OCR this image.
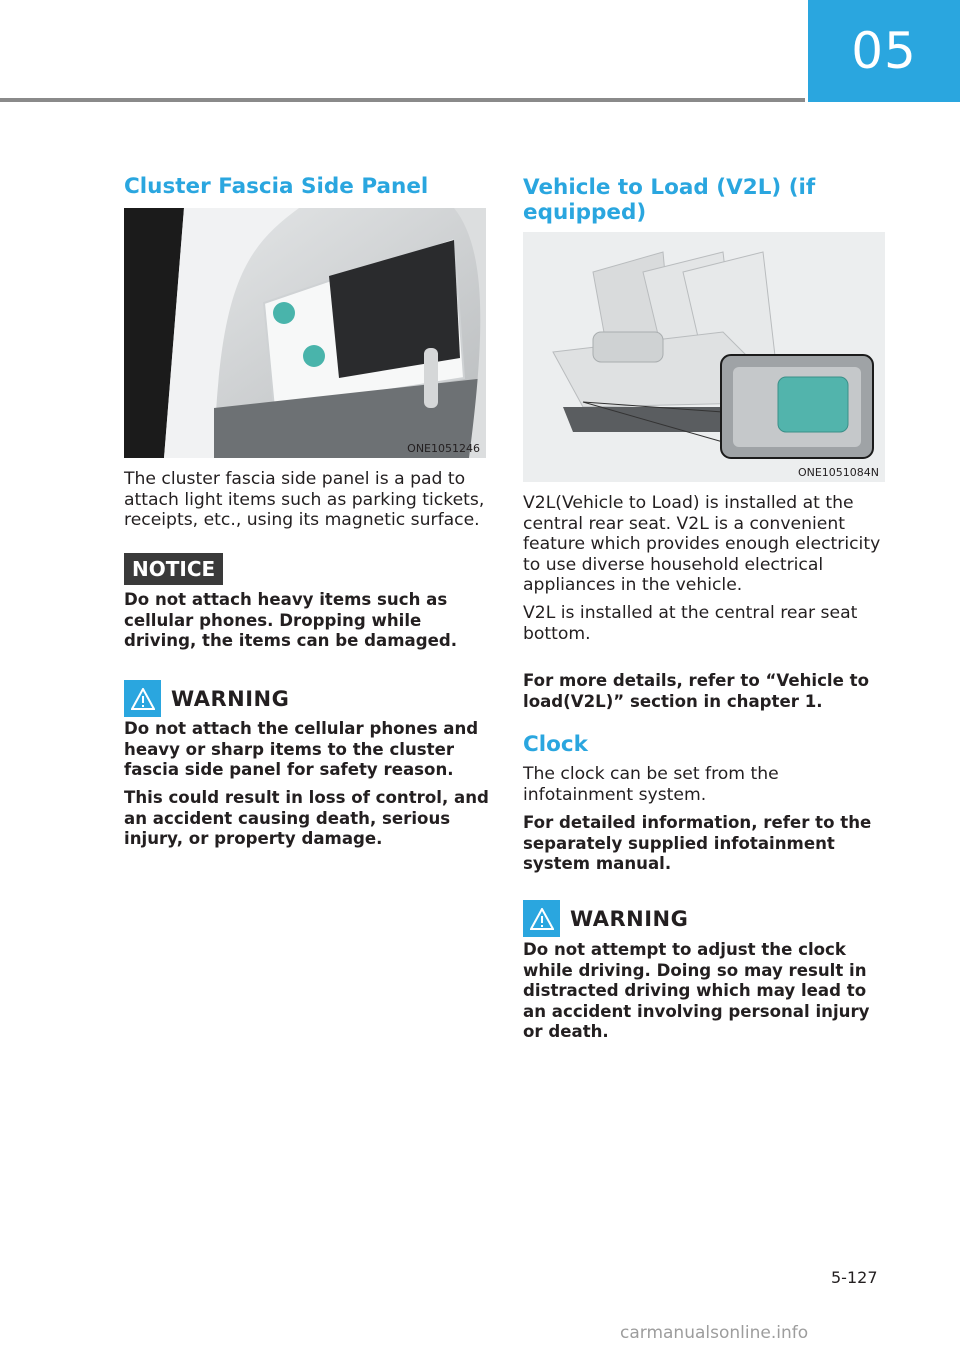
05
Cluster Fascia Side Panel
ONE1051246

The cluster fascia side panel is a pad to attach light items such as parking tickets, receipts, etc., using its magnetic surface.

NOTICE

Do not attach heavy items such as cellular phones. Dropping while driving, the items can be damaged.

WARNING

Do not attach the cellular phones and heavy or sharp items to the cluster fascia side panel for safety reason.

This could result in loss of control, and an accident causing death, serious injury, or property damage.

Vehicle to Load (V2L) (if equipped)
ONE1051084N

V2L(Vehicle to Load) is installed at the central rear seat. V2L is a convenient feature which provides enough electricity to use diverse household electrical appliances in the vehicle.

V2L is installed at the central rear seat bottom.

For more details, refer to “Vehicle to load(V2L)” section in chapter 1.

Clock

The clock can be set from the infotainment system.

For detailed information, refer to the separately supplied infotainment system manual.

WARNING

Do not attempt to adjust the clock while driving. Doing so may result in distracted driving which may lead to an accident involving personal injury or death.

5-127
carmanualsonline.info
